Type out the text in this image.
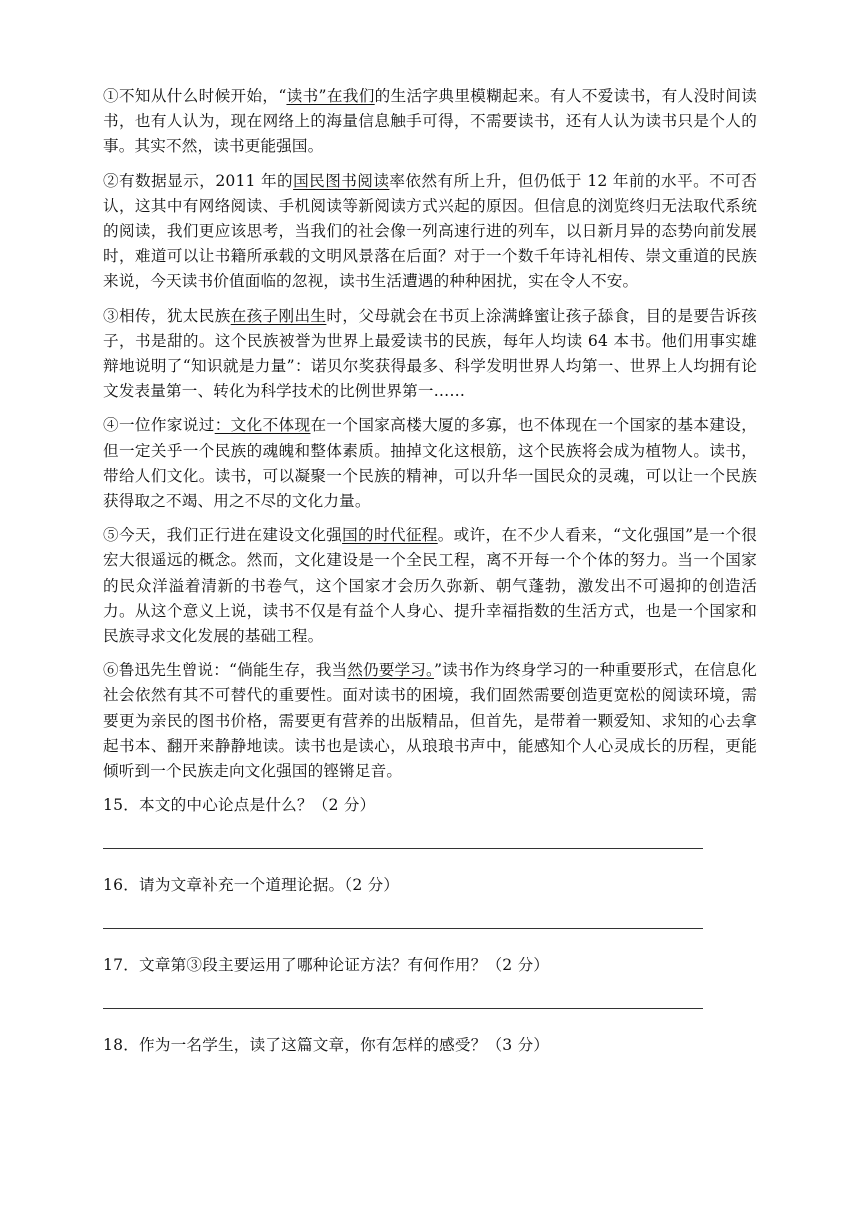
①不知从什么时候开始，“读书”在我们的生活字典里模糊起来。有人不爱读书，有人没时间读书，也有人认为，现在网络上的海量信息触手可得，不需要读书，还有人认为读书只是个人的事。其实不然，读书更能强国。

②有数据显示，2011 年的国民图书阅读率依然有所上升，但仍低于 12 年前的水平。不可否认，这其中有网络阅读、手机阅读等新阅读方式兴起的原因。但信息的浏览终归无法取代系统的阅读，我们更应该思考，当我们的社会像一列高速行进的列车，以日新月异的态势向前发展时，难道可以让书籍所承载的文明风景落在后面？对于一个数千年诗礼相传、崇文重道的民族来说，今天读书价值面临的忽视，读书生活遭遇的种种困扰，实在令人不安。

③相传，犹太民族在孩子刚出生时，父母就会在书页上涂满蜂蜜让孩子舔食，目的是要告诉孩子，书是甜的。这个民族被誉为世界上最爱读书的民族，每年人均读 64 本书。他们用事实雄辩地说明了“知识就是力量”：诺贝尔奖获得最多、科学发明世界人均第一、世界上人均拥有论文发表量第一、转化为科学技术的比例世界第一……

④一位作家说过：文化不体现在一个国家高楼大厦的多寡，也不体现在一个国家的基本建设，但一定关乎一个民族的魂魄和整体素质。抽掉文化这根筋，这个民族将会成为植物人。读书，带给人们文化。读书，可以凝聚一个民族的精神，可以升华一国民众的灵魂，可以让一个民族获得取之不竭、用之不尽的文化力量。

⑤今天，我们正行进在建设文化强国的时代征程。或许，在不少人看来，“文化强国”是一个很宏大很遥远的概念。然而，文化建设是一个全民工程，离不开每一个个体的努力。当一个国家的民众洋溢着清新的书卷气，这个国家才会历久弥新、朝气蓬勃，激发出不可遏抑的创造活力。从这个意义上说，读书不仅是有益个人身心、提升幸福指数的生活方式，也是一个国家和民族寻求文化发展的基础工程。

⑥鲁迅先生曾说：“倘能生存，我当然仍要学习。”读书作为终身学习的一种重要形式，在信息化社会依然有其不可替代的重要性。面对读书的困境，我们固然需要创造更宽松的阅读环境，需要更为亲民的图书价格，需要更有营养的出版精品，但首先，是带着一颗爱知、求知的心去拿起书本、翻开来静静地读。读书也是读心，从琅琅书声中，能感知个人心灵成长的历程，更能倾听到一个民族走向文化强国的铿锵足音。

15．本文的中心论点是什么？（2 分）

16．请为文章补充一个道理论据。（2 分）

17．文章第③段主要运用了哪种论证方法？有何作用？（2 分）

18．作为一名学生，读了这篇文章，你有怎样的感受？（3 分）
